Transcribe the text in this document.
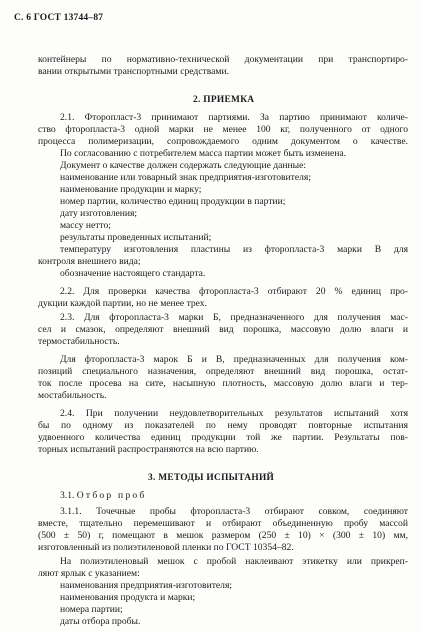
С. 6 ГОСТ 13744–87
контейнеры по нормативно-технической документации при транспортиро-
вании открытыми транспортными средствами.
2. ПРИЕМКА
2.1. Фторопласт-3 принимают партиями. За партию принимают количе-
ство фторопласта-3 одной марки не менее 100 кг, полученного от одного
процесса полимеризации, сопровождаемого одним документом о качестве.
По согласованию с потребителем масса партии может быть изменена.
Документ о качестве должен содержать следующие данные:
наименование или товарный знак предприятия-изготовителя;
наименование продукции и марку;
номер партии, количество единиц продукции в партии;
дату изготовления;
массу нетто;
результаты проведенных испытаний;
температуру изготовления пластины из фторопласта-3 марки В для
контроля внешнего вида;
обозначение настоящего стандарта.
2.2. Для проверки качества фторопласта-3 отбирают 20 % единиц про-
дукции каждой партии, но не менее трех.
2.3. Для фторопласта-3 марки Б, предназначенного для получения мас-
сел и смазок, определяют внешний вид порошка, массовую долю влаги и
термостабильность.
Для фторопласта-3 марок Б и В, предназначенных для получения ком-
позиций специального назначения, определяют внешний вид порошка, остат-
ток после просева на сите, насыпную плотность, массовую долю влаги и тер-
мостабильность.
2.4. При получении неудовлетворительных результатов испытаний хотя
бы по одному из показателей по нему проводят повторные испытания
удвоенного количества единиц продукции той же партии. Результаты пов-
торных испытаний распространяются на всю партию.
3. МЕТОДЫ ИСПЫТАНИЙ
3.1. Отбор проб
3.1.1. Точечные пробы фторопласта-3 отбирают совком, соединяют
вместе, тщательно перемешивают и отбирают объединенную пробу массой
(500 ± 50) г, помещают в мешок размером (250 ± 10) × (300 ± 10) мм,
изготовленный из полиэтиленовой пленки по ГОСТ 10354–82.
На полиэтиленовый мешок с пробой наклеивают этикетку или прикреп-
ляют ярлык с указанием:
наименования предприятия-изготовителя;
наименования продукта и марки;
номера партии;
даты отбора пробы.
